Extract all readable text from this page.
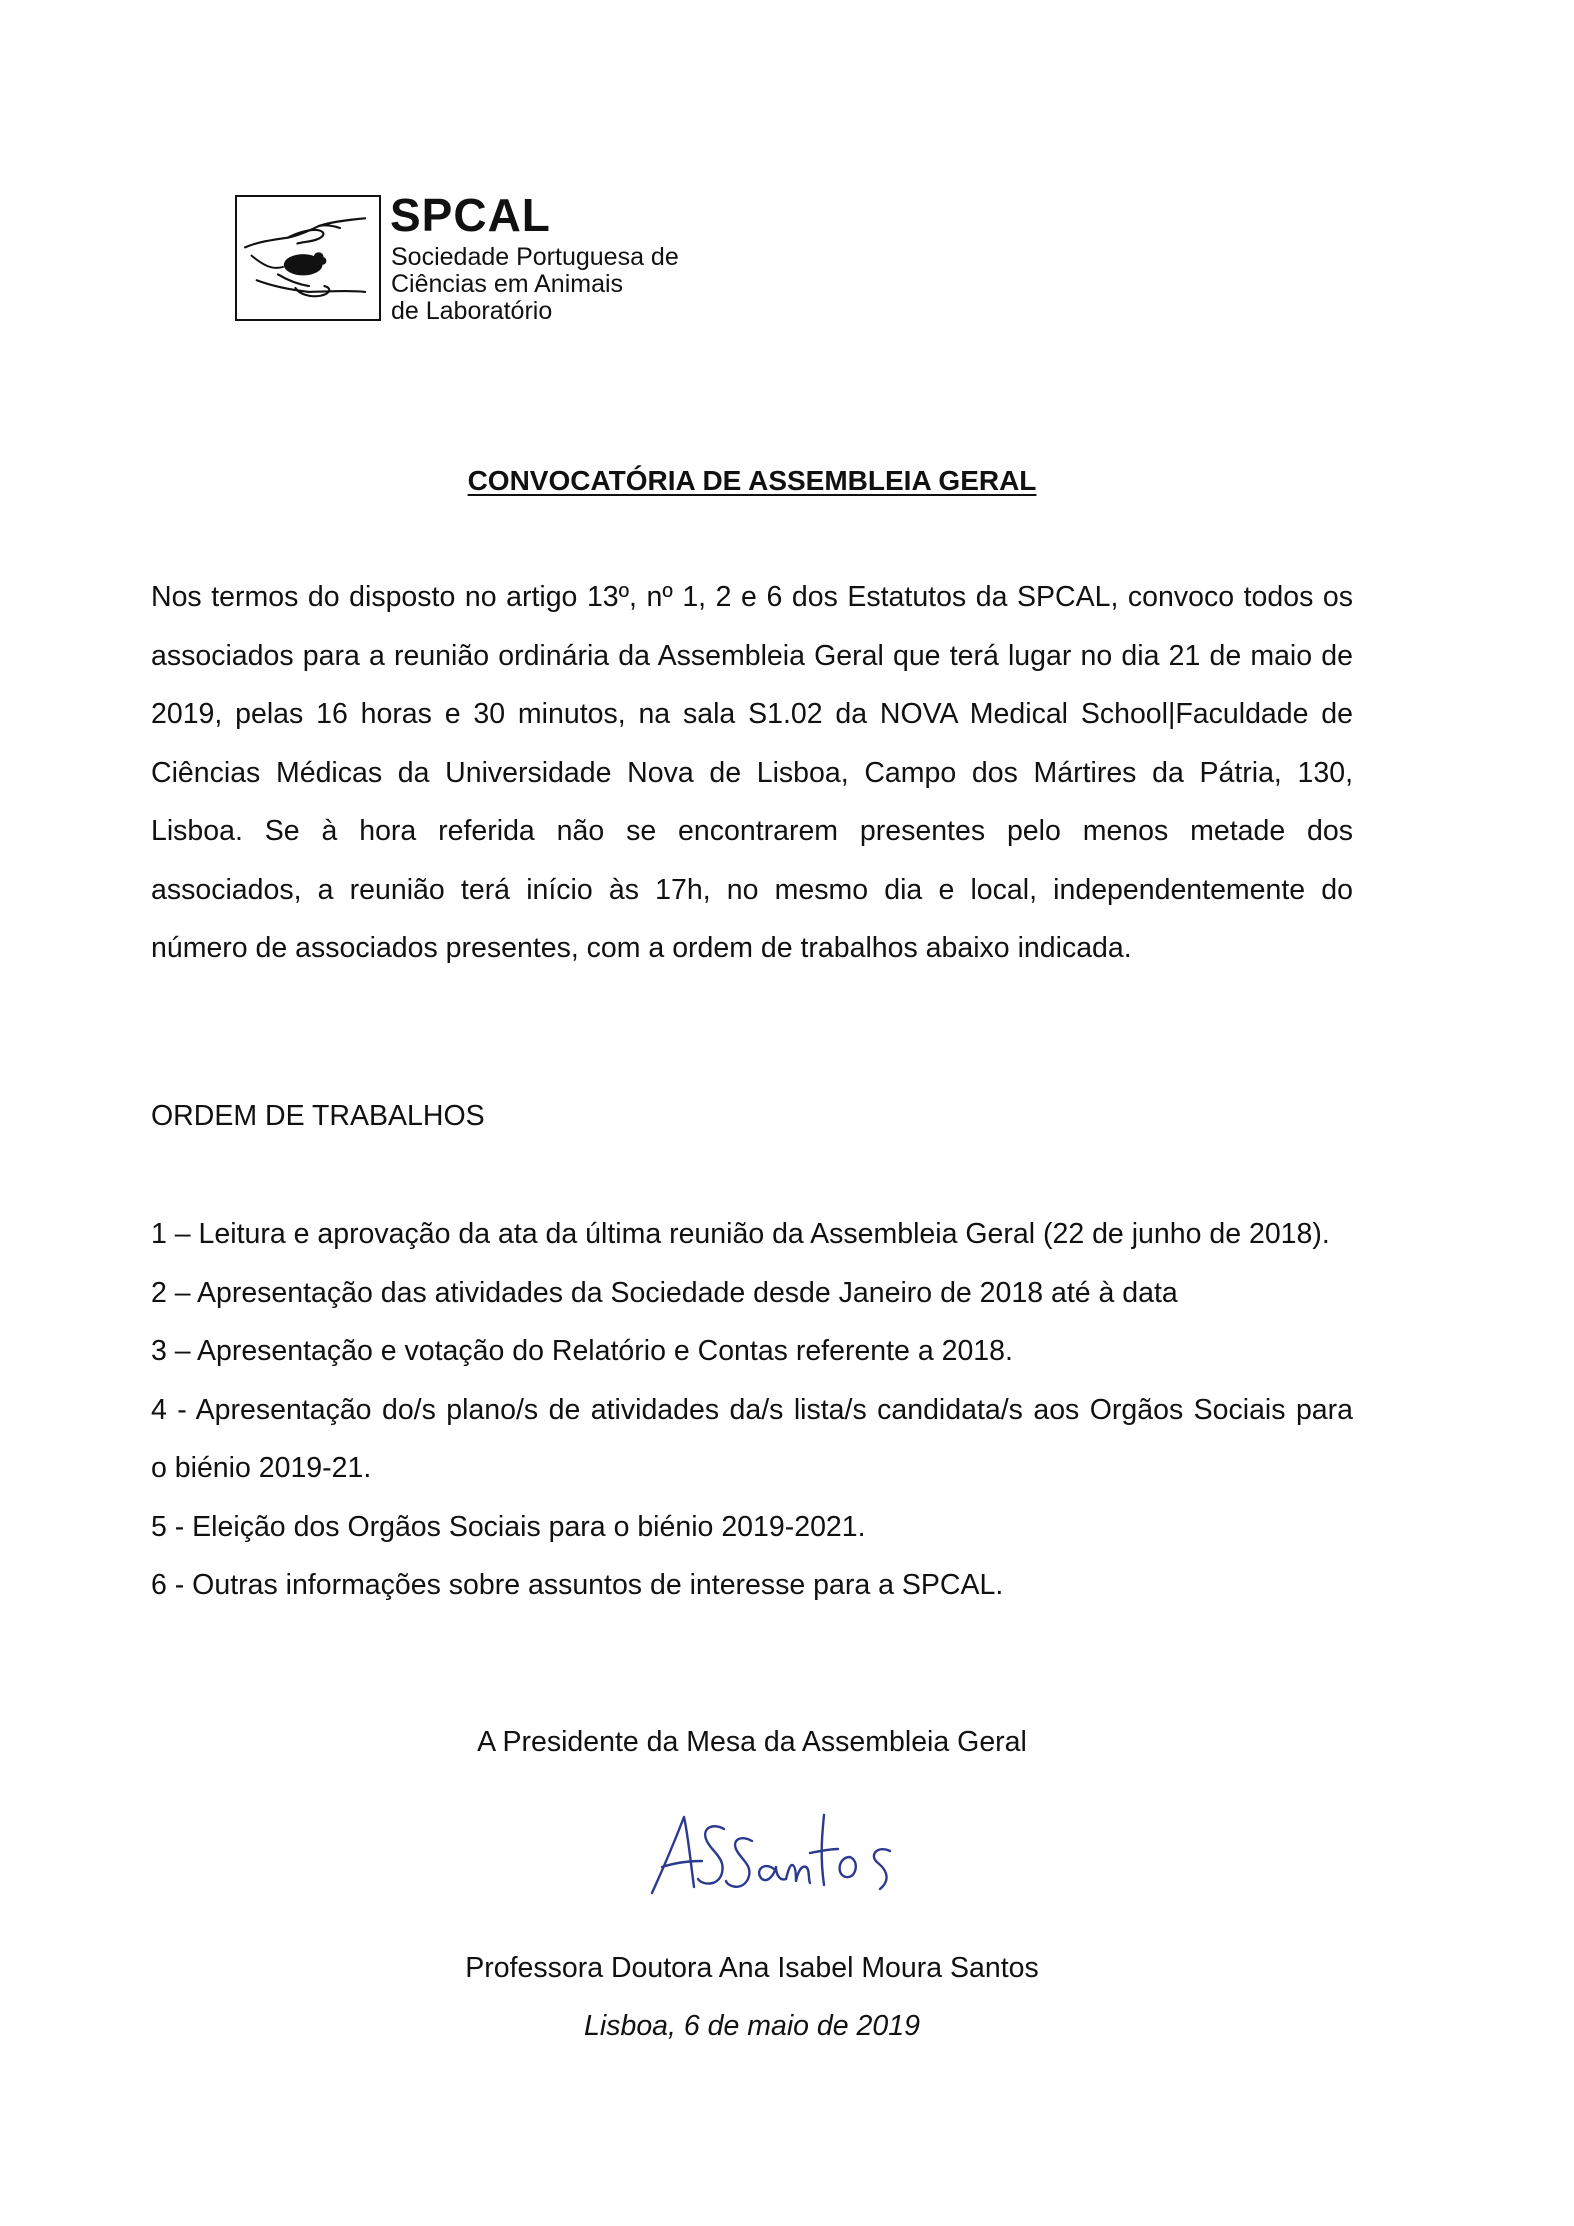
SPCAL
Sociedade Portuguesa de
Ciências em Animais
de Laboratório
CONVOCATÓRIA DE ASSEMBLEIA GERAL

Nos termos do disposto no artigo 13º, nº 1, 2 e 6 dos Estatutos da SPCAL, convoco todos os
associados para a reunião ordinária da Assembleia Geral que terá lugar no dia 21 de maio de
2019, pelas 16 horas e 30 minutos, na sala S1.02 da NOVA Medical School|Faculdade de
Ciências Médicas da Universidade Nova de Lisboa, Campo dos Mártires da Pátria, 130,
Lisboa. Se à hora referida não se encontrarem presentes pelo menos metade dos
associados, a reunião terá início às 17h, no mesmo dia e local, independentemente do
número de associados presentes, com a ordem de trabalhos abaixo indicada.

ORDEM DE TRABALHOS
1 – Leitura e aprovação da ata da última reunião da Assembleia Geral (22 de junho de 2018).
2 – Apresentação das atividades da Sociedade desde Janeiro de 2018 até à data
3 – Apresentação e votação do Relatório e Contas referente a 2018.
4 - Apresentação do/s plano/s de atividades da/s lista/s candidata/s aos Orgãos Sociais para
o biénio 2019-21.
5 - Eleição dos Orgãos Sociais para o biénio 2019-2021.
6 - Outras informações sobre assuntos de interesse para a SPCAL.
A Presidente da Mesa da Assembleia Geral
Professora Doutora Ana Isabel Moura Santos
Lisboa, 6 de maio de 2019
